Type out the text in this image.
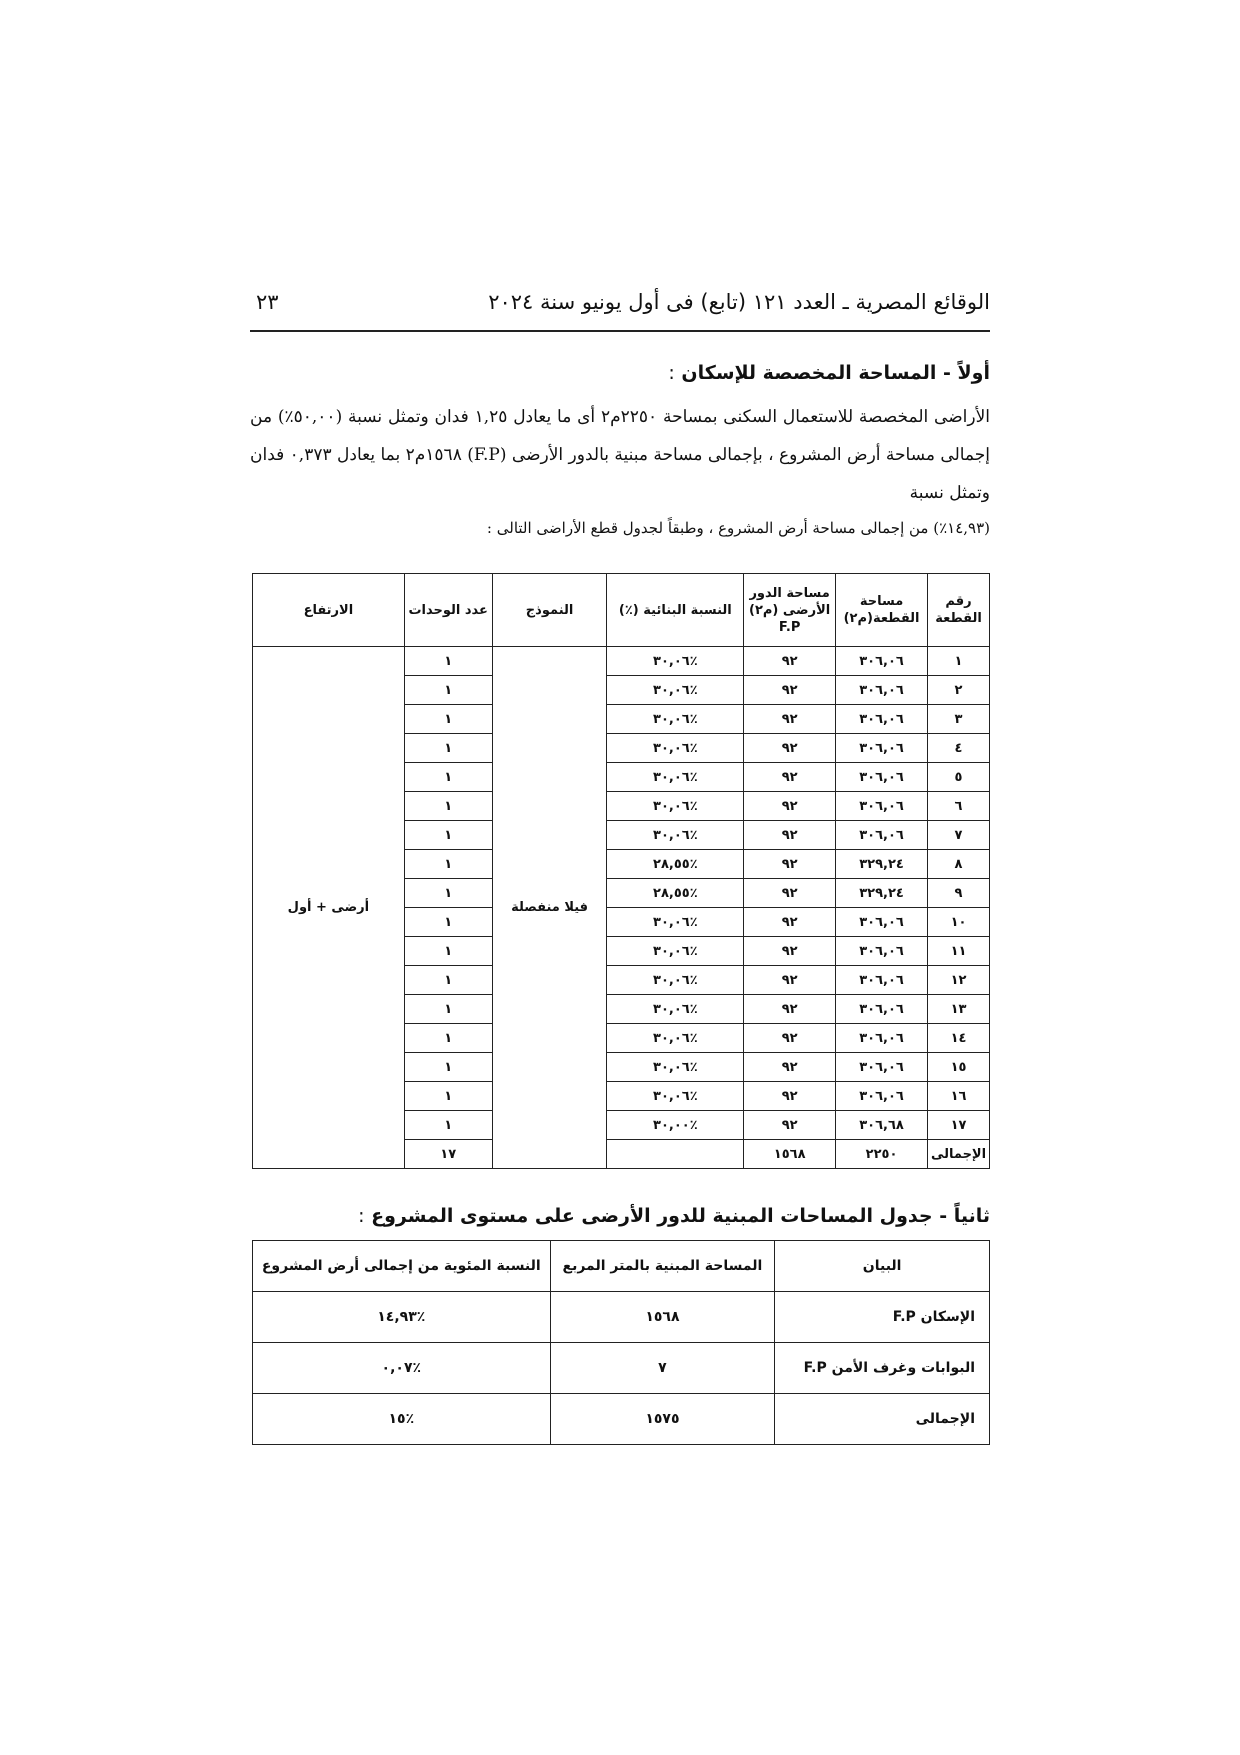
الوقائع المصرية ـ العدد ١٢١ (تابع) فى أول يونيو سنة ٢٠٢٤
٢٣
أولاً - المساحة المخصصة للإسكان :

الأراضى المخصصة للاستعمال السكنى بمساحة ٢٢٥٠م٢ أى ما يعادل ١,٢٥ فدان وتمثل نسبة (٥٠,٠٠٪) من إجمالى مساحة أرض المشروع ، بإجمالى مساحة مبنية بالدور الأرضى (F.P) ١٥٦٨م٢ بما يعادل ٠,٣٧٣ فدان وتمثل نسبة

(١٤,٩٣٪) من إجمالى مساحة أرض المشروع ، وطبقاً لجدول قطع الأراضى التالى :

رقم القطعة	مساحة القطعة(م٢)	مساحة الدور الأرضى (م٢) F.P	النسبة البنائية (٪)	النموذج	عدد الوحدات	الارتفاع
١	٣٠٦,٠٦	٩٢	٪٣٠,٠٦	فيلا منفصلة	١	أرضى + أول
٢	٣٠٦,٠٦	٩٢	٪٣٠,٠٦		١	
٣	٣٠٦,٠٦	٩٢	٪٣٠,٠٦		١	
٤	٣٠٦,٠٦	٩٢	٪٣٠,٠٦		١	
٥	٣٠٦,٠٦	٩٢	٪٣٠,٠٦		١	
٦	٣٠٦,٠٦	٩٢	٪٣٠,٠٦		١	
٧	٣٠٦,٠٦	٩٢	٪٣٠,٠٦		١	
٨	٣٢٩,٢٤	٩٢	٪٢٨,٥٥		١	
٩	٣٢٩,٢٤	٩٢	٪٢٨,٥٥		١	
١٠	٣٠٦,٠٦	٩٢	٪٣٠,٠٦		١	
١١	٣٠٦,٠٦	٩٢	٪٣٠,٠٦		١	
١٢	٣٠٦,٠٦	٩٢	٪٣٠,٠٦		١	
١٣	٣٠٦,٠٦	٩٢	٪٣٠,٠٦		١	
١٤	٣٠٦,٠٦	٩٢	٪٣٠,٠٦		١	
١٥	٣٠٦,٠٦	٩٢	٪٣٠,٠٦		١	
١٦	٣٠٦,٠٦	٩٢	٪٣٠,٠٦		١	
١٧	٣٠٦,٦٨	٩٢	٪٣٠,٠٠		١	
الإجمالى	٢٢٥٠	١٥٦٨			١٧	
ثانياً - جدول المساحات المبنية للدور الأرضى على مستوى المشروع :
البيان	المساحة المبنية بالمتر المربع	النسبة المئوية من إجمالى أرض المشروع
الإسكان F.P	١٥٦٨	٪١٤,٩٣
البوابات وغرف الأمن F.P	٧	٪٠,٠٧
الإجمالى	١٥٧٥	٪١٥
